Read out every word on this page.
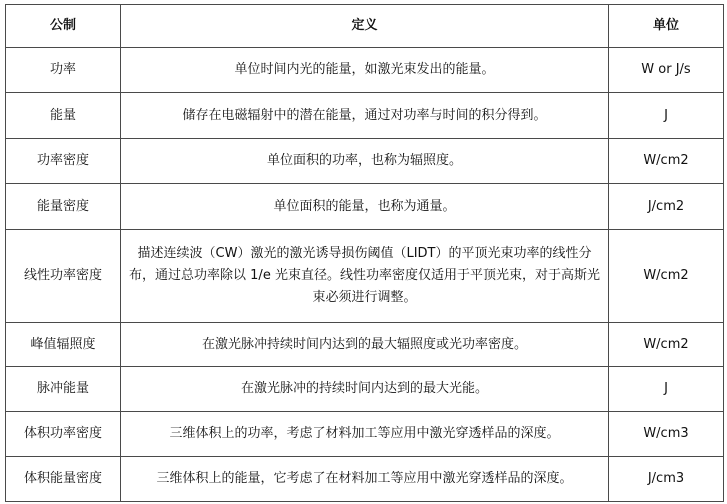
公制	定义	单位
功率	单位时间内光的能量，如激光束发出的能量。	W or J/s
能量	储存在电磁辐射中的潜在能量，通过对功率与时间的积分得到。	J
功率密度	单位面积的功率，也称为辐照度。	W/cm2
能量密度	单位面积的能量，也称为通量。	J/cm2
线性功率密度	描述连续波（CW）激光的激光诱导损伤阈值（LIDT）的平顶光束功率的线性分布，通过总功率除以 1/e 光束直径。线性功率密度仅适用于平顶光束，对于高斯光束必须进行调整。	W/cm2
峰值辐照度	在激光脉冲持续时间内达到的最大辐照度或光功率密度。	W/cm2
脉冲能量	在激光脉冲的持续时间内达到的最大光能。	J
体积功率密度	三维体积上的功率，考虑了材料加工等应用中激光穿透样品的深度。	W/cm3
体积能量密度	三维体积上的能量，它考虑了在材料加工等应用中激光穿透样品的深度。	J/cm3
